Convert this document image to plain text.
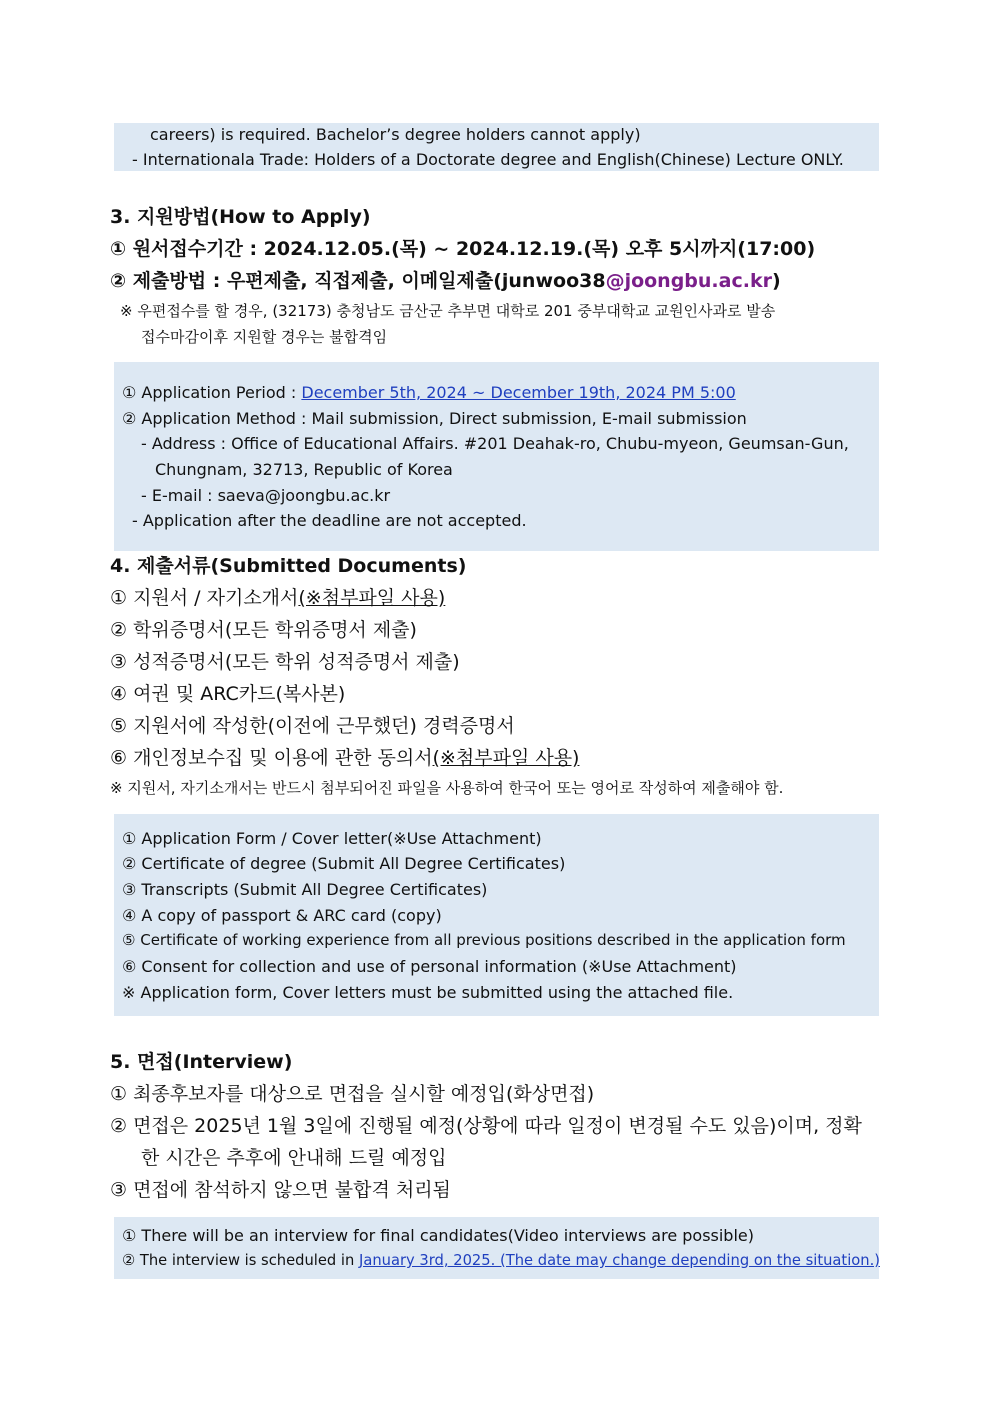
careers) is required. Bachelor’s degree holders cannot apply)
- Internationala Trade: Holders of a Doctorate degree and English(Chinese) Lecture ONLY.
3. 지원방법(How to Apply)
① 원서접수기간 : 2024.12.05.(목) ~ 2024.12.19.(목) 오후 5시까지(17:00)
② 제출방법 : 우편제출, 직접제출, 이메일제출(junwoo38@joongbu.ac.kr)
※ 우편접수를 할 경우, (32173) 충청남도 금산군 추부면 대학로 201 중부대학교 교원인사과로 발송
접수마감이후 지원할 경우는 불합격임
① Application Period : December 5th, 2024 ~ December 19th, 2024 PM 5:00
② Application Method : Mail submission, Direct submission, E-mail submission
- Address : Office of Educational Affairs. #201 Deahak-ro, Chubu-myeon, Geumsan-Gun,
Chungnam, 32713, Republic of Korea
- E-mail : saeva@joongbu.ac.kr
- Application after the deadline are not accepted.
4. 제출서류(Submitted Documents)
① 지원서 / 자기소개서(※첨부파일 사용)
② 학위증명서(모든 학위증명서 제출)
③ 성적증명서(모든 학위 성적증명서 제출)
④ 여권 및 ARC카드(복사본)
⑤ 지원서에 작성한(이전에 근무했던) 경력증명서
⑥ 개인정보수집 및 이용에 관한 동의서(※첨부파일 사용)
※ 지원서, 자기소개서는 반드시 첨부되어진 파일을 사용하여 한국어 또는 영어로 작성하여 제출해야 함.
① Application Form / Cover letter(※Use Attachment)
② Certificate of degree (Submit All Degree Certificates)
③ Transcripts (Submit All Degree Certificates)
④ A copy of passport & ARC card (copy)
⑤ Certificate of working experience from all previous positions described in the application form
⑥ Consent for collection and use of personal information (※Use Attachment)
※ Application form, Cover letters must be submitted using the attached file.
5. 면접(Interview)
① 최종후보자를 대상으로 면접을 실시할 예정입(화상면접)
② 면접은 2025년 1월 3일에 진행될 예정(상황에 따라 일정이 변경될 수도 있음)이며, 정확
한 시간은 추후에 안내해 드릴 예정입
③ 면접에 참석하지 않으면 불합격 처리됨
① There will be an interview for final candidates(Video interviews are possible)
② The interview is scheduled in January 3rd, 2025. (The date may change depending on the situation.)
